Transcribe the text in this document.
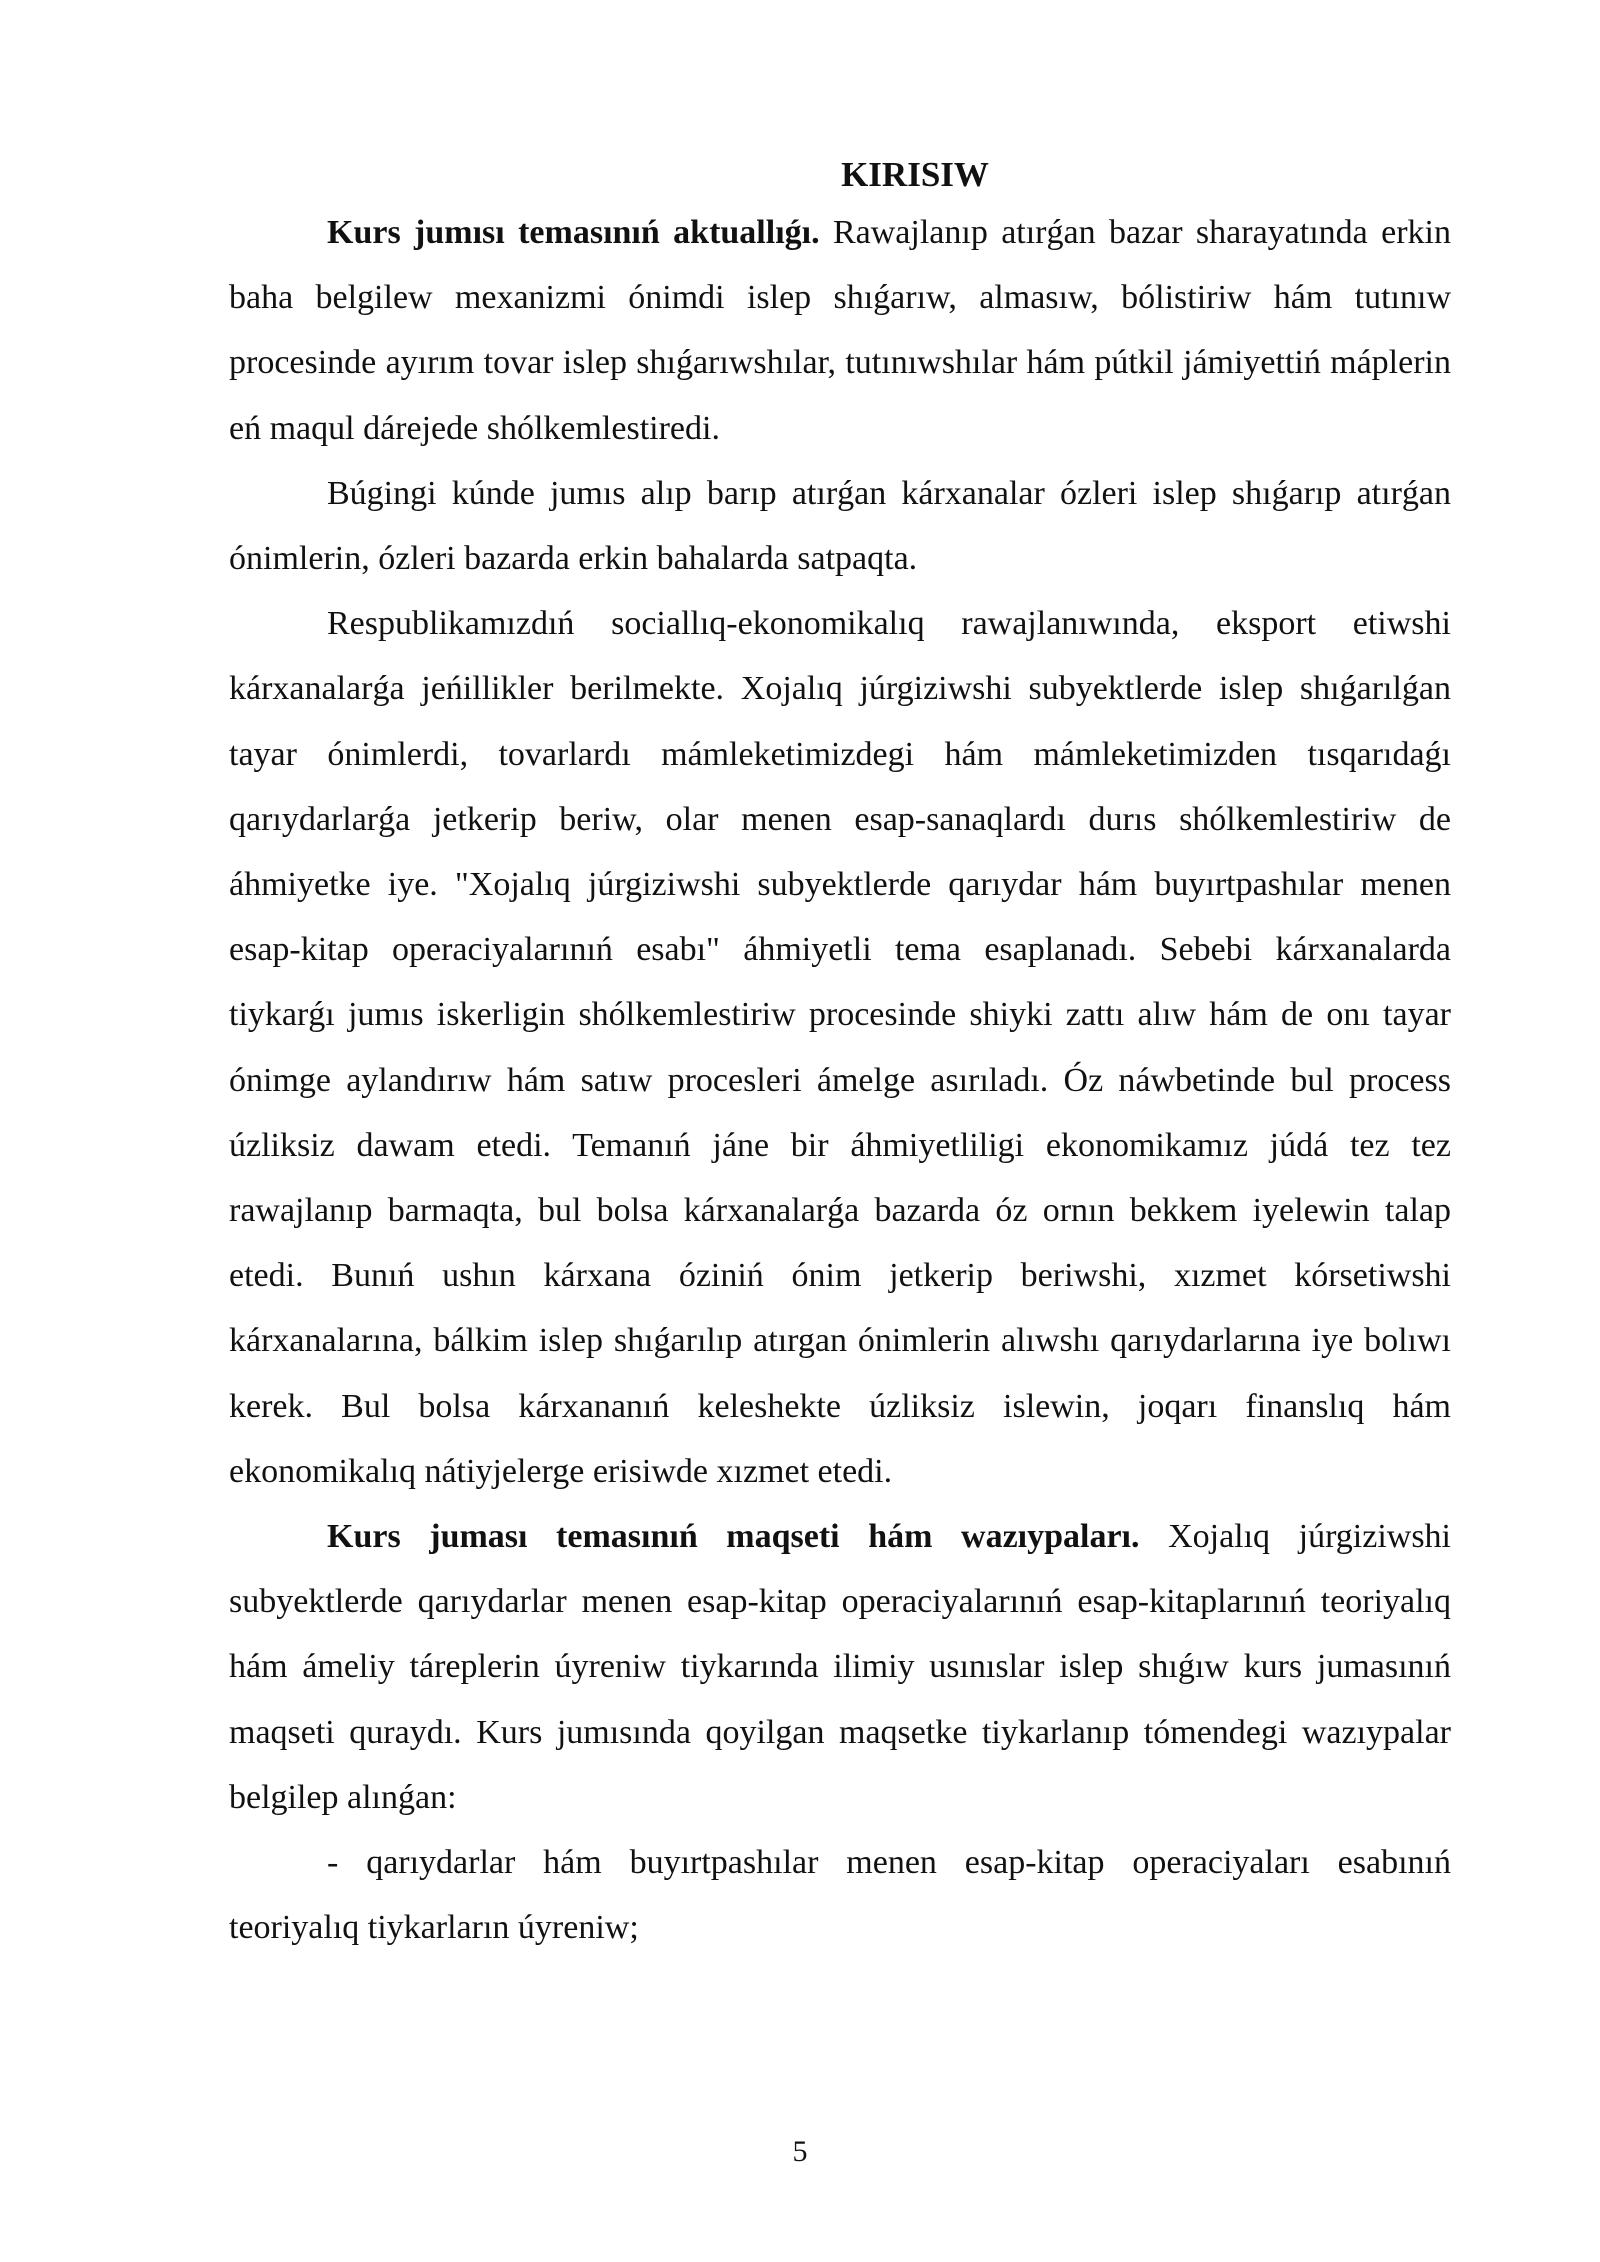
KIRISIW

Kurs jumısı temasınıń aktuallıǵı. Rawajlanıp atırǵan bazar sharayatında erkin baha belgilew mexanizmi ónimdi islep shıǵarıw, almasıw, bólistiriw hám tutınıw procesinde ayırım tovar islep shıǵarıwshılar, tutınıwshılar hám pútkil jámiyettiń máplerin eń maqul dárejede shólkemlestiredi.

Búgingi kúnde jumıs alıp barıp atırǵan kárxanalar ózleri islep shıǵarıp atırǵan ónimlerin, ózleri bazarda erkin bahalarda satpaqta.

Respublikamızdıń sociallıq-ekonomikalıq rawajlanıwında, eksport etiwshi kárxanalarǵa jeńillikler berilmekte. Xojalıq júrgiziwshi subyektlerde islep shıǵarılǵan tayar ónimlerdi, tovarlardı mámleketimizdegi hám mámleketimizden tısqarıdaǵı qarıydarlarǵa jetkerip beriw, olar menen esap-sanaqlardı durıs shólkemlestiriw de áhmiyetke iye. "Xojalıq júrgiziwshi subyektlerde qarıydar hám buyırtpashılar menen esap-kitap operaciyalarınıń esabı" áhmiyetli tema esaplanadı. Sebebi kárxanalarda tiykarǵı jumıs iskerligin shólkemlestiriw procesinde shiyki zattı alıw hám de onı tayar ónimge aylandırıw hám satıw procesleri ámelge asırıladı. Óz náwbetinde bul process úzliksiz dawam etedi. Temanıń jáne bir áhmiyetliligi ekonomikamız júdá tez tez rawajlanıp barmaqta, bul bolsa kárxanalarǵa bazarda óz ornın bekkem iyelewin talap etedi. Bunıń ushın kárxana óziniń ónim jetkerip beriwshi, xızmet kórsetiwshi kárxanalarına, bálkim islep shıǵarılıp atırgan ónimlerin alıwshı qarıydarlarına iye bolıwı kerek. Bul bolsa kárxananıń keleshekte úzliksiz islewin, joqarı finanslıq hám ekonomikalıq nátiyjelerge erisiwde xızmet etedi.

Kurs juması temasınıń maqseti hám wazıypaları. Xojalıq júrgiziwshi subyektlerde qarıydarlar menen esap-kitap operaciyalarınıń esap-kitaplarınıń teoriyalıq hám ámeliy táreplerin úyreniw tiykarında ilimiy usınıslar islep shıǵıw kurs jumasınıń maqseti quraydı. Kurs jumısında qoyilgan maqsetke tiykarlanıp tómendegi wazıypalar belgilep alınǵan:

- qarıydarlar hám buyırtpashılar menen esap-kitap operaciyaları esabınıń teoriyalıq tiykarların úyreniw;

5
